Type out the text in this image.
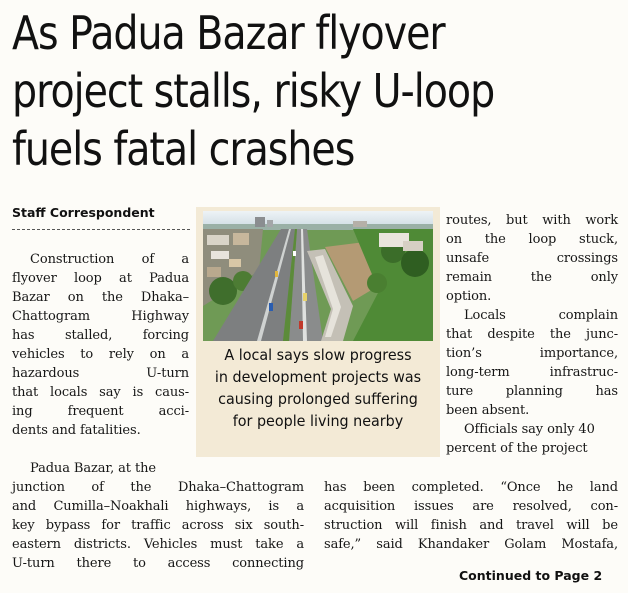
As Padua Bazar flyover
project stalls, risky U-loop
fuels fatal crashes
Staff Correspondent
Construction of a
flyover loop at Padua
Bazar on the Dhaka–
Chattogram Highway
has stalled, forcing
vehicles to rely on a
hazardous U-turn
that locals say is caus-
ing frequent acci-
dents and fatalities.
Padua Bazar, at the
junction of the Dhaka–Chattogram
and Cumilla–Noakhali highways, is a
key bypass for traffic across six south-
eastern districts. Vehicles must take a
U-turn there to access connecting
A local says slow progress
in development projects was
causing prolonged suffering
for people living nearby
routes, but with work
on the loop stuck,
unsafe crossings
remain the only
option.
Locals complain
that despite the junc-
tion’s importance,
long-term infrastruc-
ture planning has
been absent.
Officials say only 40
percent of the project
has been completed. “Once he land
acquisition issues are resolved, con-
struction will finish and travel will be
safe,” said Khandaker Golam Mostafa,
Continued to Page 2
